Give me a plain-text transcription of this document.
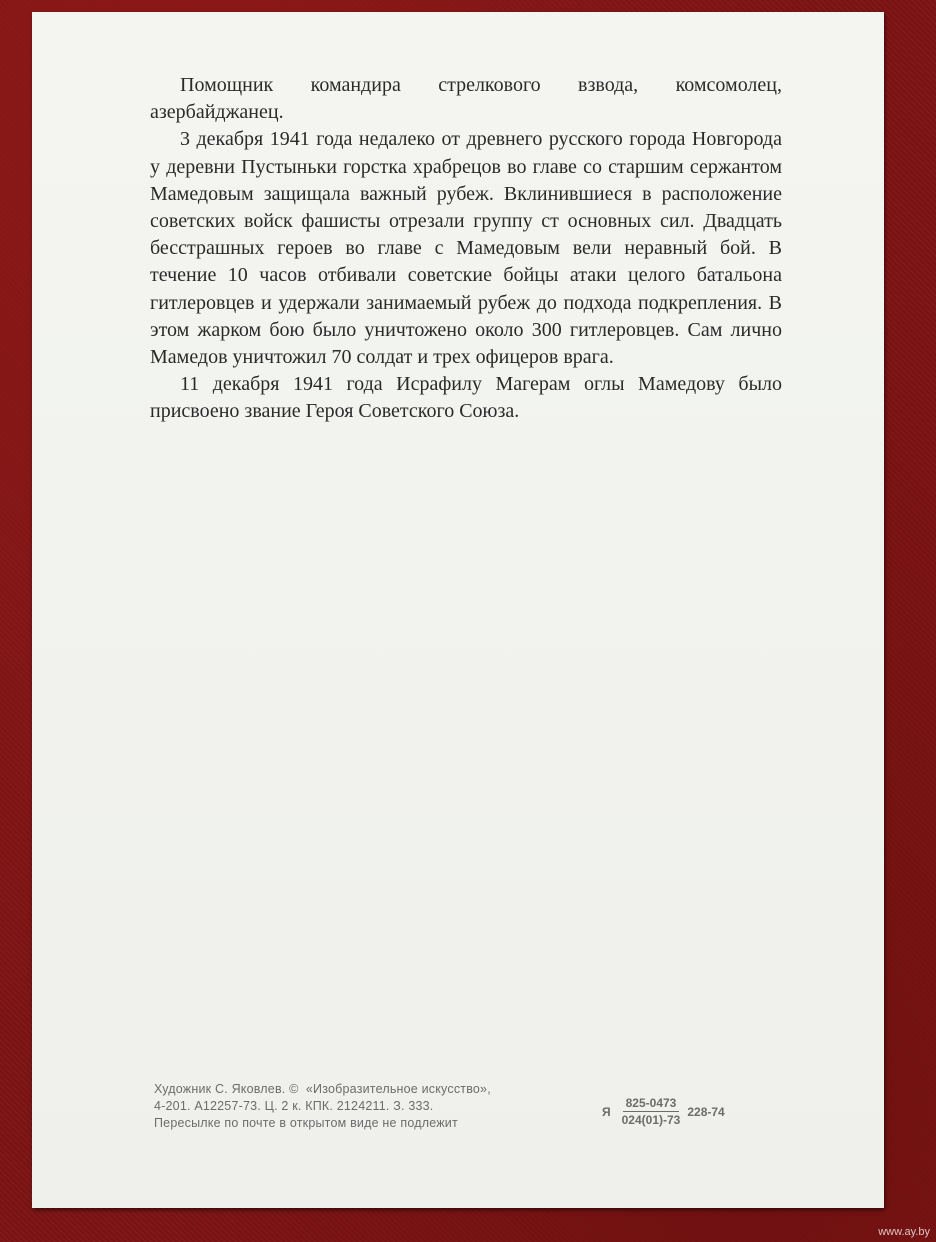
Помощник командира стрелкового взвода, комсомолец, азербайджанец.

3 декабря 1941 года недалеко от древнего русского города Новгорода у деревни Пустыньки горстка храбрецов во главе со старшим сержантом Мамедовым защищала важный рубеж. Вклинившиеся в расположение советских войск фашисты отрезали группу ст основных сил. Двадцать бесстрашных героев во главе с Мамедовым вели неравный бой. В течение 10 часов отбивали советские бойцы атаки целого батальона гитлеровцев и удержали занимаемый рубеж до подхода подкрепления. В этом жарком бою было уничтожено около 300 гитлеровцев. Сам лично Мамедов уничтожил 70 солдат и трех офицеров врага.

11 декабря 1941 года Исрафилу Магерам оглы Мамедову было присвоено звание Героя Советского Союза.

Художник С. Яковлев. ©  «Изобразительное искусство»,
4-201. А12257-73. Ц. 2 к. КПК. 2124211. З. 333.
Пересылке по почте в открытом виде не подлежит
Я $\frac{825-0473}{024(01)-73} 228-74$
www.ay.by
